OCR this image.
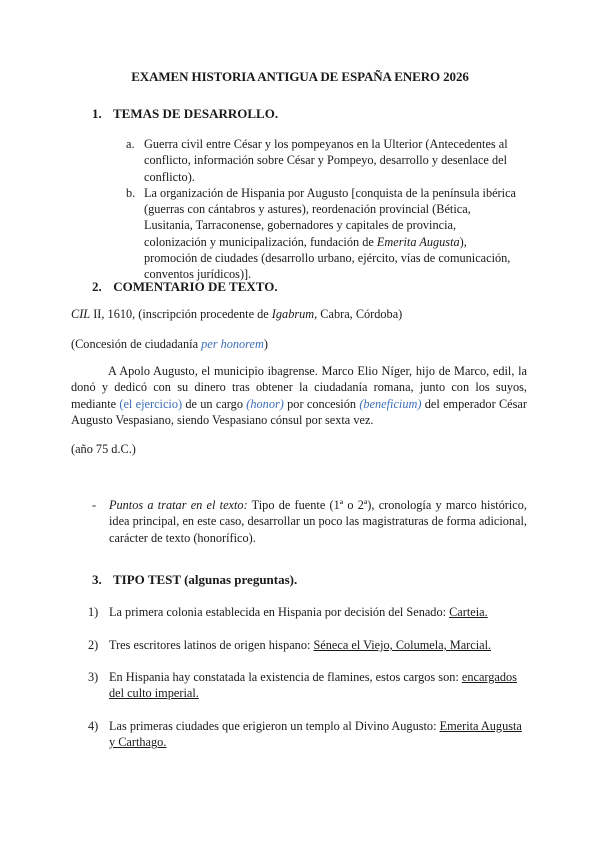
EXAMEN HISTORIA ANTIGUA DE ESPAÑA ENERO 2026
1. TEMAS DE DESARROLLO.
a. Guerra civil entre César y los pompeyanos en la Ulterior (Antecedentes al conflicto, información sobre César y Pompeyo, desarrollo y desenlace del conflicto).
b. La organización de Hispania por Augusto [conquista de la península ibérica (guerras con cántabros y astures), reordenación provincial (Bética, Lusitania, Tarraconense, gobernadores y capitales de provincia, colonización y municipalización, fundación de Emerita Augusta), promoción de ciudades (desarrollo urbano, ejército, vías de comunicación, conventos jurídicos)].
2. COMENTARIO DE TEXTO.
CIL II, 1610, (inscripción procedente de Igabrum, Cabra, Córdoba)
(Concesión de ciudadanía per honorem)
A Apolo Augusto, el municipio ibagrense. Marco Elio Níger, hijo de Marco, edil, la donó y dedicó con su dinero tras obtener la ciudadanía romana, junto con los suyos, mediante (el ejercicio) de un cargo (honor) por concesión (beneficium) del emperador César Augusto Vespasiano, siendo Vespasiano cónsul por sexta vez.
(año 75 d.C.)
- Puntos a tratar en el texto: Tipo de fuente (1ª o 2ª), cronología y marco histórico, idea principal, en este caso, desarrollar un poco las magistraturas de forma adicional, carácter de texto (honorífico).
3. TIPO TEST (algunas preguntas).
1) La primera colonia establecida en Hispania por decisión del Senado: Carteia.
2) Tres escritores latinos de origen hispano: Séneca el Viejo, Columela, Marcial.
3) En Hispania hay constatada la existencia de flamines, estos cargos son: encargados del culto imperial.
4) Las primeras ciudades que erigieron un templo al Divino Augusto: Emerita Augusta y Carthago.
